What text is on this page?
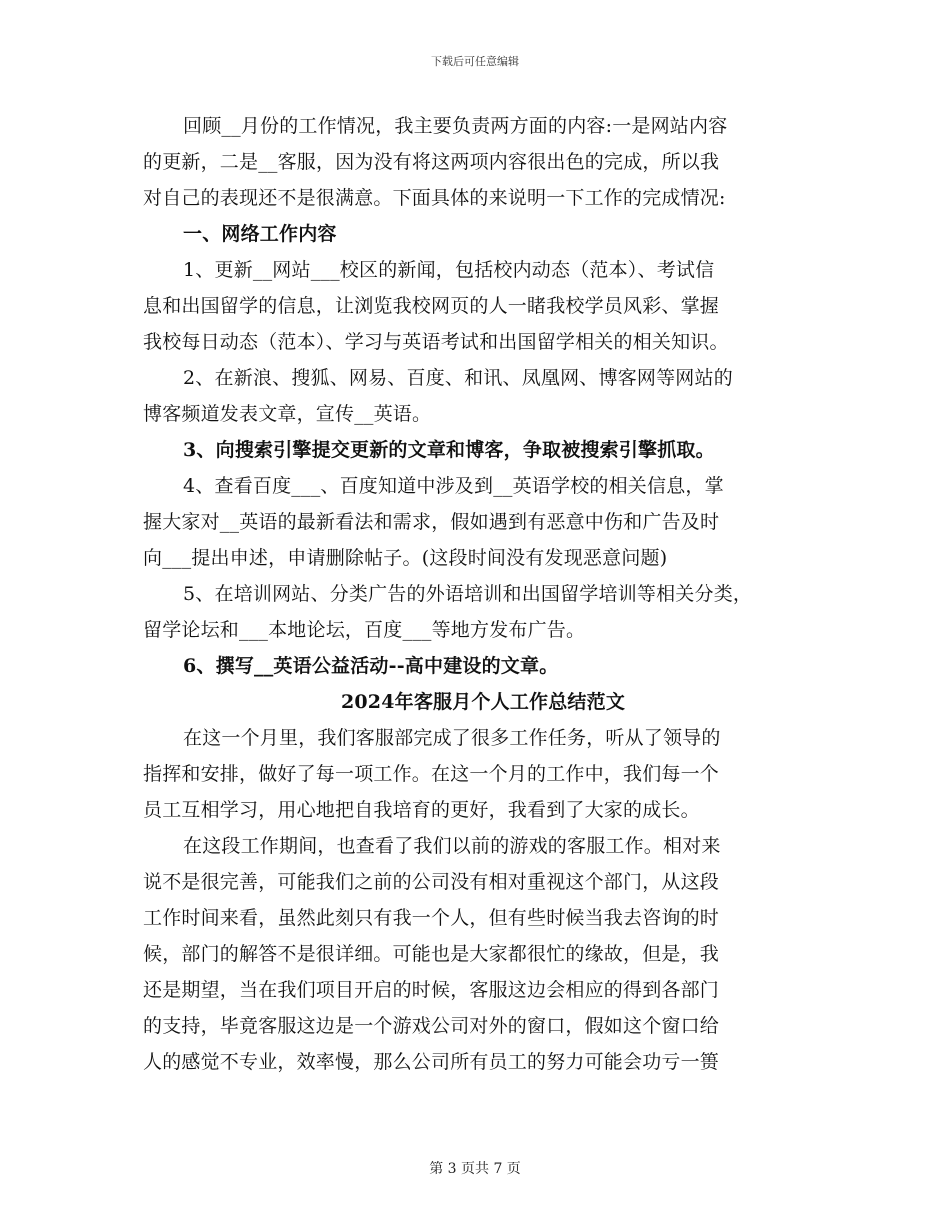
下载后可任意编辑
回顾__月份的工作情况，我主要负责两方面的内容:一是网站内容
的更新，二是__客服，因为没有将这两项内容很出色的完成，所以我
对自己的表现还不是很满意。下面具体的来说明一下工作的完成情况:
一、网络工作内容
1、更新__网站___校区的新闻，包括校内动态（范本）、考试信
息和出国留学的信息，让浏览我校网页的人一睹我校学员风彩、掌握
我校每日动态（范本）、学习与英语考试和出国留学相关的相关知识。
2、在新浪、搜狐、网易、百度、和讯、凤凰网、博客网等网站的
博客频道发表文章，宣传__英语。
3、向搜索引擎提交更新的文章和博客，争取被搜索引擎抓取。
4、查看百度___、百度知道中涉及到__英语学校的相关信息，掌
握大家对__英语的最新看法和需求，假如遇到有恶意中伤和广告及时
向___提出申述，申请删除帖子。(这段时间没有发现恶意问题)
5、在培训网站、分类广告的外语培训和出国留学培训等相关分类，
留学论坛和___本地论坛，百度___等地方发布广告。
6、撰写__英语公益活动--高中建设的文章。
2024年客服月个人工作总结范文
在这一个月里，我们客服部完成了很多工作任务，听从了领导的
指挥和安排，做好了每一项工作。在这一个月的工作中，我们每一个
员工互相学习，用心地把自我培育的更好，我看到了大家的成长。
在这段工作期间，也查看了我们以前的游戏的客服工作。相对来
说不是很完善，可能我们之前的公司没有相对重视这个部门，从这段
工作时间来看，虽然此刻只有我一个人，但有些时候当我去咨询的时
候，部门的解答不是很详细。可能也是大家都很忙的缘故，但是，我
还是期望，当在我们项目开启的时候，客服这边会相应的得到各部门
的支持，毕竟客服这边是一个游戏公司对外的窗口，假如这个窗口给
人的感觉不专业，效率慢，那么公司所有员工的努力可能会功亏一篑
第 3 页共 7 页
